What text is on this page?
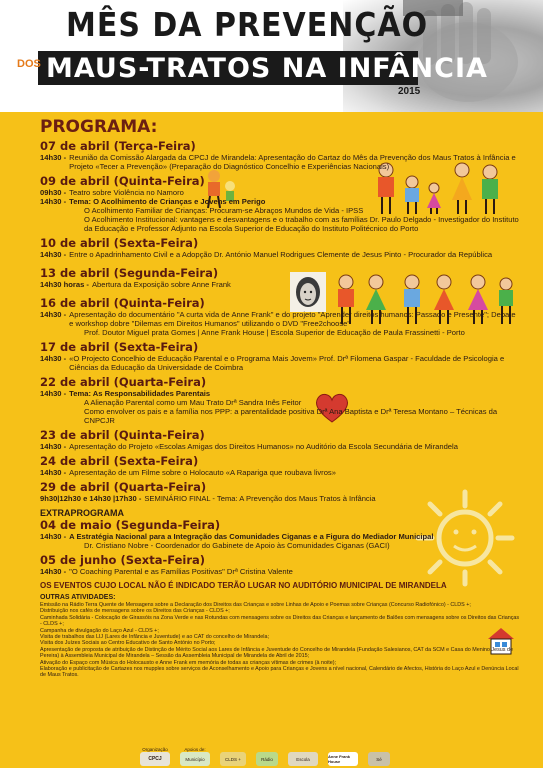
MÊS DA PREVENÇÃO
DOS MAUS-TRATOS NA INFÂNCIA
2015
PROGRAMA:
07 de abril (Terça-Feira)
14h30 - Reunião da Comissão Alargada da CPCJ de Mirandela: Apresentação do Cartaz do Mês da Prevenção dos Maus Tratos à Infância e Projeto «Tecer a Prevenção» (Preparação do Diagnóstico Concelhio e Experiências Nacionais)
09 de abril (Quinta-Feira)
09h30 - Teatro sobre Violência no Namoro
14h30 - Tema: O Acolhimento de Crianças e Jovens em Perigo
O Acolhimento Familiar de Crianças: Procuram-se Abraços Mundos de Vida - IPSS
O Acolhimento Institucional: vantagens e desvantagens e o trabalho com as famílias Dr. Paulo Delgado - Investigador do Instituto da Educação e Professor Adjunto na Escola Superior de Educação do Instituto Politécnico do Porto
10 de abril (Sexta-Feira)
14h30 - Entre o Apadrinhamento Civil e a Adopção Dr. António Manuel Rodrigues Clemente de Jesus Pinto - Procurador da República
13 de abril (Segunda-Feira)
14h30 horas - Abertura da Exposição sobre Anne Frank
16 de abril (Quinta-Feira)
14h30 - Apresentação do documentário "A curta vida de Anne Frank" e do projeto "Aprender direitos humanos: Passado e Presente"; Debate e workshop dobre "Dilemas em Direitos Humanos" utilizando o DVD "Free2choose"
Prof. Doutor Miguel prata Gomes | Anne Frank House | Escola Superior de Educação de Paula Frassinetti - Porto
17 de abril (Sexta-Feira)
14h30 - «O Projecto Concelhio de Educação Parental e o Programa Mais Jovem» Prof. Drª Filomena Gaspar - Faculdade de Psicologia e Ciências da Educação da Universidade de Coimbra
22 de abril (Quarta-Feira)
14h30 - Tema: As Responsabilidades Parentais
A Alienação Parental como um Mau Trato Drª Sandra Inês Feitor
Como envolver os pais e a família nos PPP: a parentalidade positiva Drª Ana Baptista e Drª Teresa Montano – Técnicas da CNPCJR
23 de abril (Quinta-Feira)
14h30 - Apresentação do Projeto «Escolas Amigas dos Direitos Humanos» no Auditório da Escola Secundária de Mirandela
24 de abril (Sexta-Feira)
14h30 - Apresentação de um Filme sobre o Holocauto «A Rapariga que roubava livros»
29 de abril (Quarta-Feira)
9h30|12h30 e 14h30 |17h30 - SEMINÁRIO FINAL - Tema: A Prevenção dos Maus Tratos à Infância
EXTRAPROGRAMA
04 de maio (Segunda-Feira)
14h30 - A Estratégia Nacional para a Integração das Comunidades Ciganas e a Figura do Mediador Municipal
Dr. Cristiano Nobre - Coordenador do Gabinete de Apoio às Comunidades Ciganas (GACI)
05 de junho (Sexta-Feira)
14h30 - "O Coaching Parental e as Famílias Positivas" Drª Cristina Valente
OS EVENTOS CUJO LOCAL NÃO É INDICADO TERÃO LUGAR NO AUDITÓRIO MUNICIPAL DE MIRANDELA
OUTRAS ATIVIDADES:
Emissão na Rádio Terra Quente de Mensagens sobre a Declaração dos Direitos das Crianças e sobre Linhas de Apoio e Poemas sobre Crianças (Concurso Radiofónico) - CLDS +;
Distribuição nos cafés de mensagens sobre os Direitos das Crianças - CLDS +;
Caminhada Solidária - Colocação de Girassóis na Zona Verde e nas Rotundas com mensagens sobre os Direitos das Crianças e lançamento de Balões com mensagens sobre os Direitos das Crianças - CLDS +;
Campanha de divulgação do Laço Azul - CLDS +;
Visita de trabalhos das LIJ (Lares de Infância e Juventude) e ao CAT do concelho de Mirandela;
Visita dos Juízes Sociais ao Centro Educativo de Santo António no Porto;
Apresentação de proposta de atribuição de Distinção de Mérito Social aos Lares de Infância e Juventude do Concelho de Mirandela (Fundação Salesianos, CAT da SCM e Casa do Menino Jesus de Pereira) à Assembleia Municipal de Mirandela – Sessão da Assembleia Municipal de Mirandela de Abril de 2015;
Ativação do Espaço com Música do Holocausto e Anne Frank em memória de todas as crianças vítimas de crimes (à noite);
Elaboração e publicitação de Cartazes nos mupples sobre serviços de Aconselhamento e Apoio para Crianças e Jovens a nível nacional, Calendário de Afectos, História do Laço Azul e Denúncia Local de Maus Tratos.
Organização
CPCJ
Apoios de:
Município	CLDS +	Rádio	Escola	Anne Frank House	Sé
